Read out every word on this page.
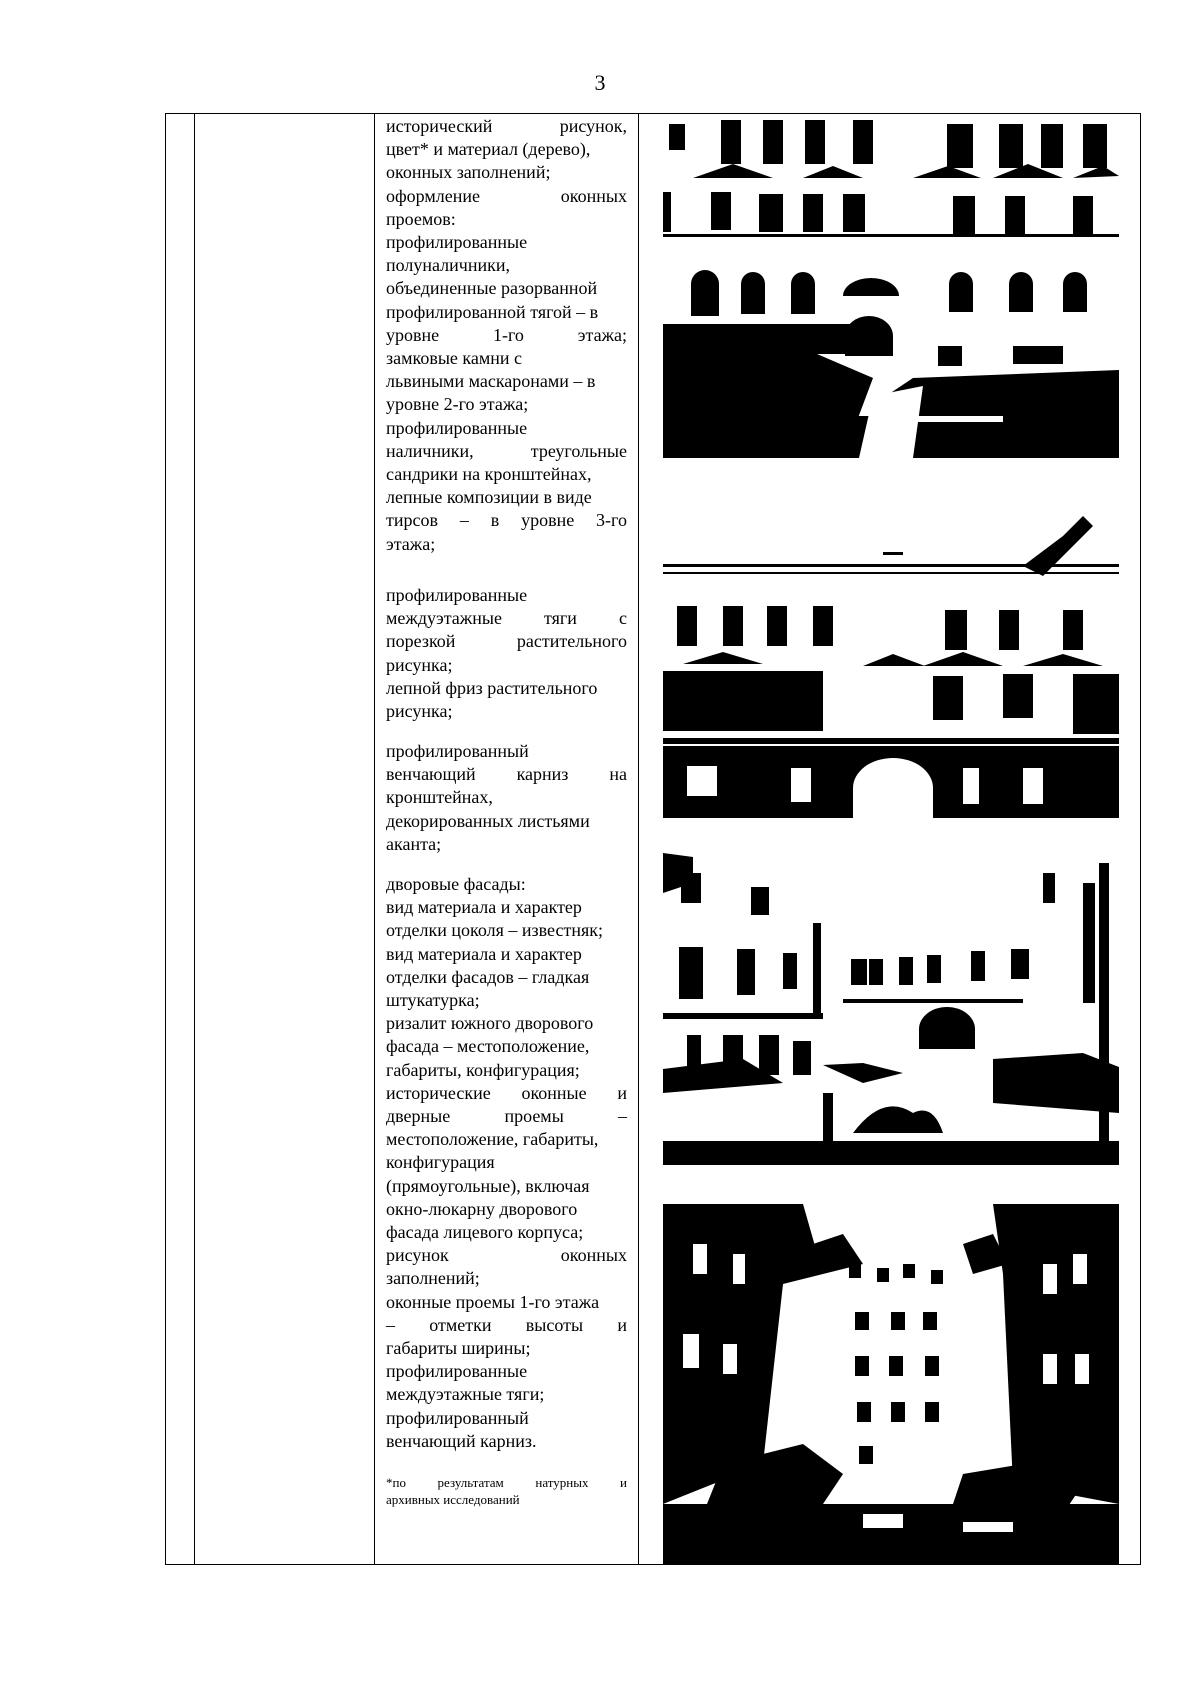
3

исторический рисунок,

цвет* и материал (дерево),

оконных заполнений;

оформление оконных

проемов:

профилированные

полуналичники,

объединенные разорванной

профилированной тягой – в

уровне 1-го этажа;

замковые камни с

львиными маскаронами – в

уровне 2-го этажа;

профилированные

наличники, треугольные

сандрики на кронштейнах,

лепные композиции в виде

тирсов – в уровне 3-го

этажа;

профилированные

междуэтажные тяги с

порезкой растительного

рисунка;

лепной фриз растительного

рисунка;

профилированный

венчающий карниз на

кронштейнах,

декорированных листьями

аканта;

дворовые фасады:

вид материала и характер

отделки цоколя – известняк;

вид материала и характер

отделки фасадов – гладкая

штукатурка;

ризалит южного дворового

фасада – местоположение,

габариты, конфигурация;

исторические оконные и

дверные проемы –

местоположение, габариты,

конфигурация

(прямоугольные), включая

окно-люкарну дворового

фасада лицевого корпуса;

рисунок оконных

заполнений;

оконные проемы 1-го этажа

– отметки высоты и

габариты ширины;

профилированные

междуэтажные тяги;

профилированный

венчающий карниз.

*по результатам натурных и

архивных исследований
